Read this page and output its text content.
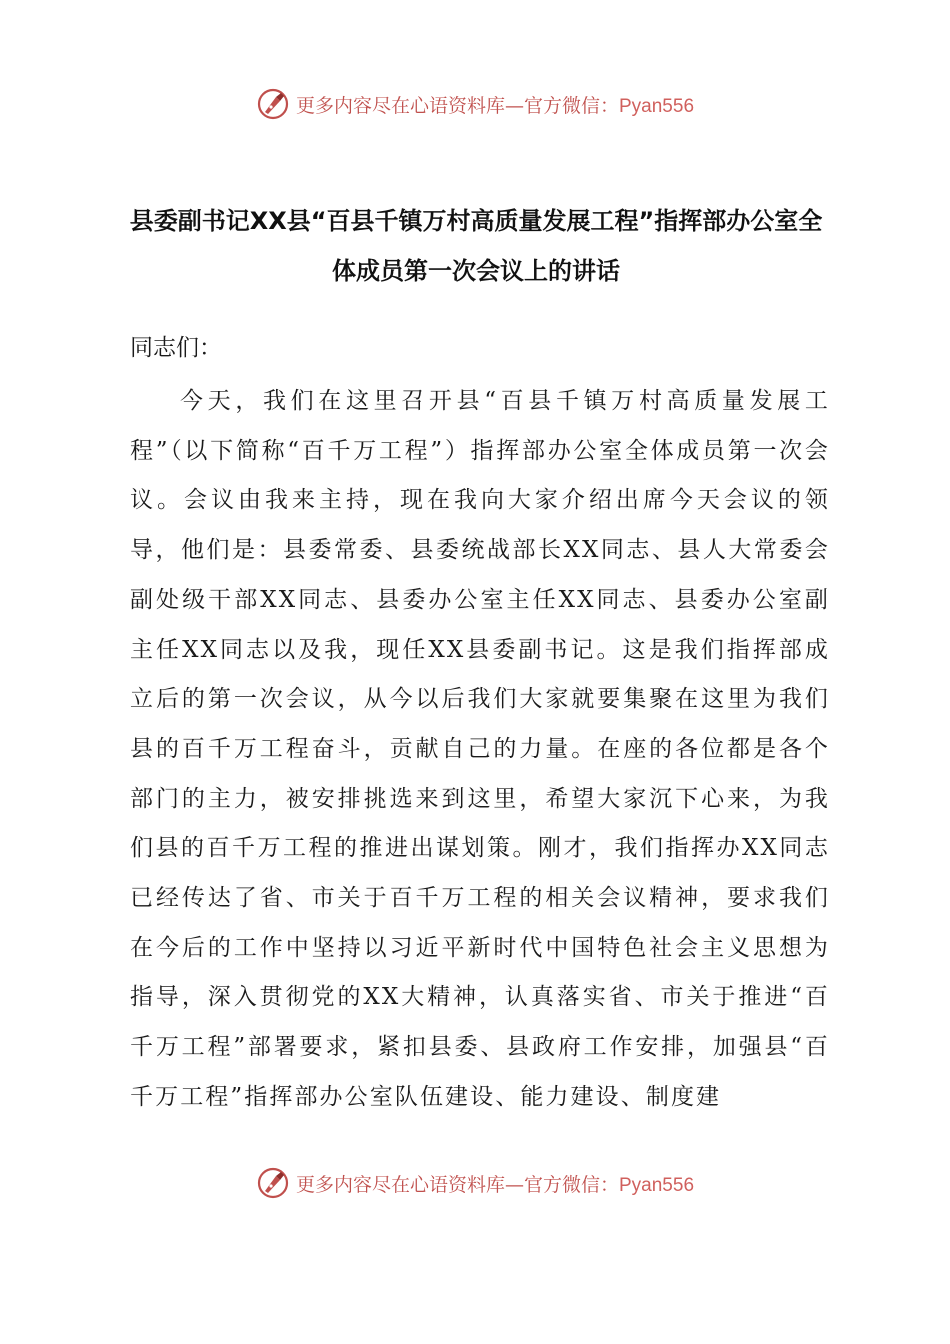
更多内容尽在心语资料库—官方微信：Pyan556
县委副书记XX县“百县千镇万村高质量发展工程”指挥部办公室全体成员第一次会议上的讲话
同志们：

今天，我们在这里召开县“百县千镇万村高质量发展工程”（以下简称“百千万工程”）指挥部办公室全体成员第一次会议。会议由我来主持，现在我向大家介绍出席今天会议的领导，他们是：县委常委、县委统战部长XX同志、县人大常委会副处级干部XX同志、县委办公室主任XX同志、县委办公室副主任XX同志以及我，现任XX县委副书记。这是我们指挥部成立后的第一次会议，从今以后我们大家就要集聚在这里为我们县的百千万工程奋斗，贡献自己的力量。在座的各位都是各个部门的主力，被安排挑选来到这里，希望大家沉下心来，为我们县的百千万工程的推进出谋划策。刚才，我们指挥办XX同志已经传达了省、市关于百千万工程的相关会议精神，要求我们在今后的工作中坚持以习近平新时代中国特色社会主义思想为指导，深入贯彻党的XX大精神，认真落实省、市关于推进“百千万工程”部署要求，紧扣县委、县政府工作安排，加强县“百千万工程”指挥部办公室队伍建设、能力建设、制度建

更多内容尽在心语资料库—官方微信：Pyan556
